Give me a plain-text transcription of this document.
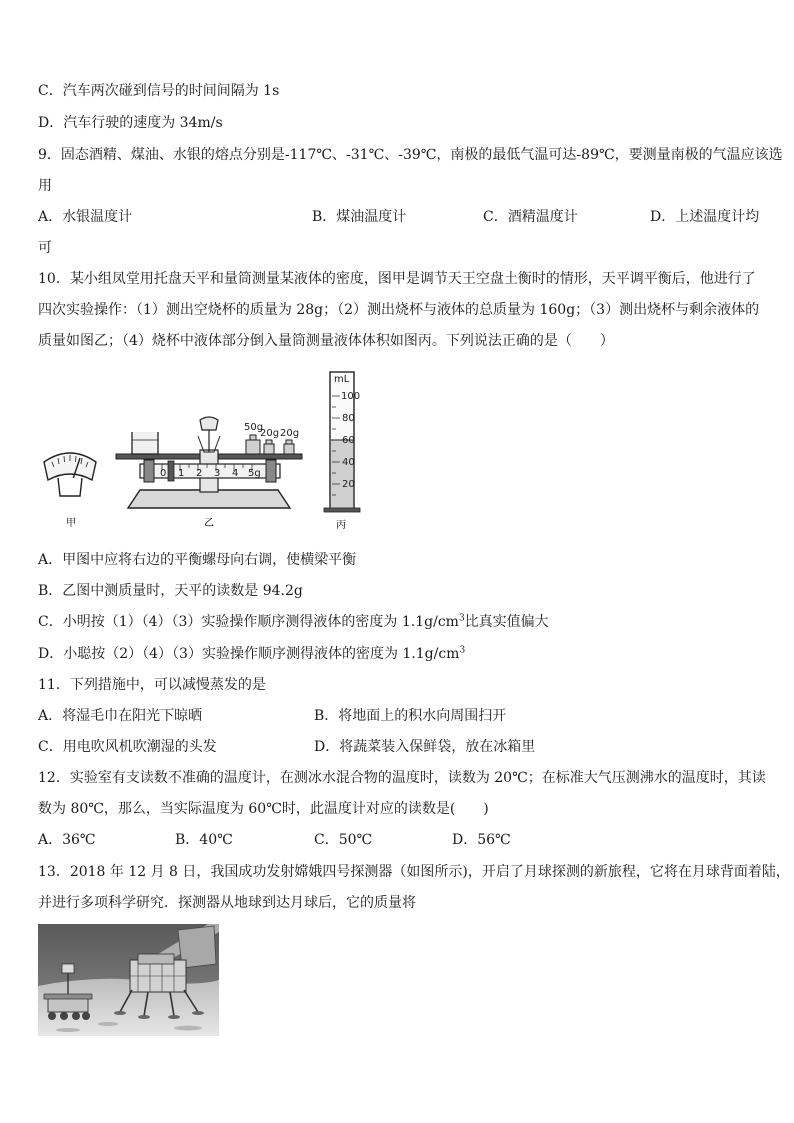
C．汽车两次碰到信号的时间间隔为 1s
D．汽车行驶的速度为 34m/s
9．固态酒精、煤油、水银的熔点分别是-117℃、-31℃、-39℃，南极的最低气温可达-89℃，要测量南极的气温应该选
用
A．水银温度计	B．煤油温度计	C．酒精温度计	D．上述温度计均
可
10．某小组凤堂用托盘天平和量筒测量某液体的密度，图甲是调节天王空盘土衡时的情形，天平调平衡后，他进行了
四次实验操作：（1）测出空烧杯的质量为 28g；（2）测出烧杯与液体的总质量为 160g；（3）测出烧杯与剩余液体的
质量如图乙；（4）烧杯中液体部分倒入量筒测量液体体积如图丙。下列说法正确的是（　　）
甲
0 1 2 3 4 5g
50g
20g 20g
乙
mL
100
80
60
40
20
丙
A．甲图中应将右边的平衡螺母向右调，使横梁平衡
B．乙图中测质量时，天平的读数是 94.2g
C．小明按（1）（4）（3）实验操作顺序测得液体的密度为 $1.1g/cm^3$比真实值偏大
D．小聪按（2）（4）（3）实验操作顺序测得液体的密度为 $1.1g/cm^3$
11．下列措施中，可以减慢蒸发的是
A．将湿毛巾在阳光下晾晒	B．将地面上的积水向周围扫开
C．用电吹风机吹潮湿的头发	D．将蔬菜装入保鲜袋，放在冰箱里
12．实验室有支读数不准确的温度计，在测冰水混合物的温度时，读数为 20℃；在标准大气压测沸水的温度时，其读
数为 80℃，那么，当实际温度为 60℃时，此温度计对应的读数是(　　)
A．36℃	B．40℃	C．50℃	D．56℃
13．2018 年 12 月 8 日，我国成功发射嫦娥四号探测器（如图所示)，开启了月球探测的新旅程，它将在月球背面着陆，
并进行多项科学研究．探测器从地球到达月球后，它的质量将
